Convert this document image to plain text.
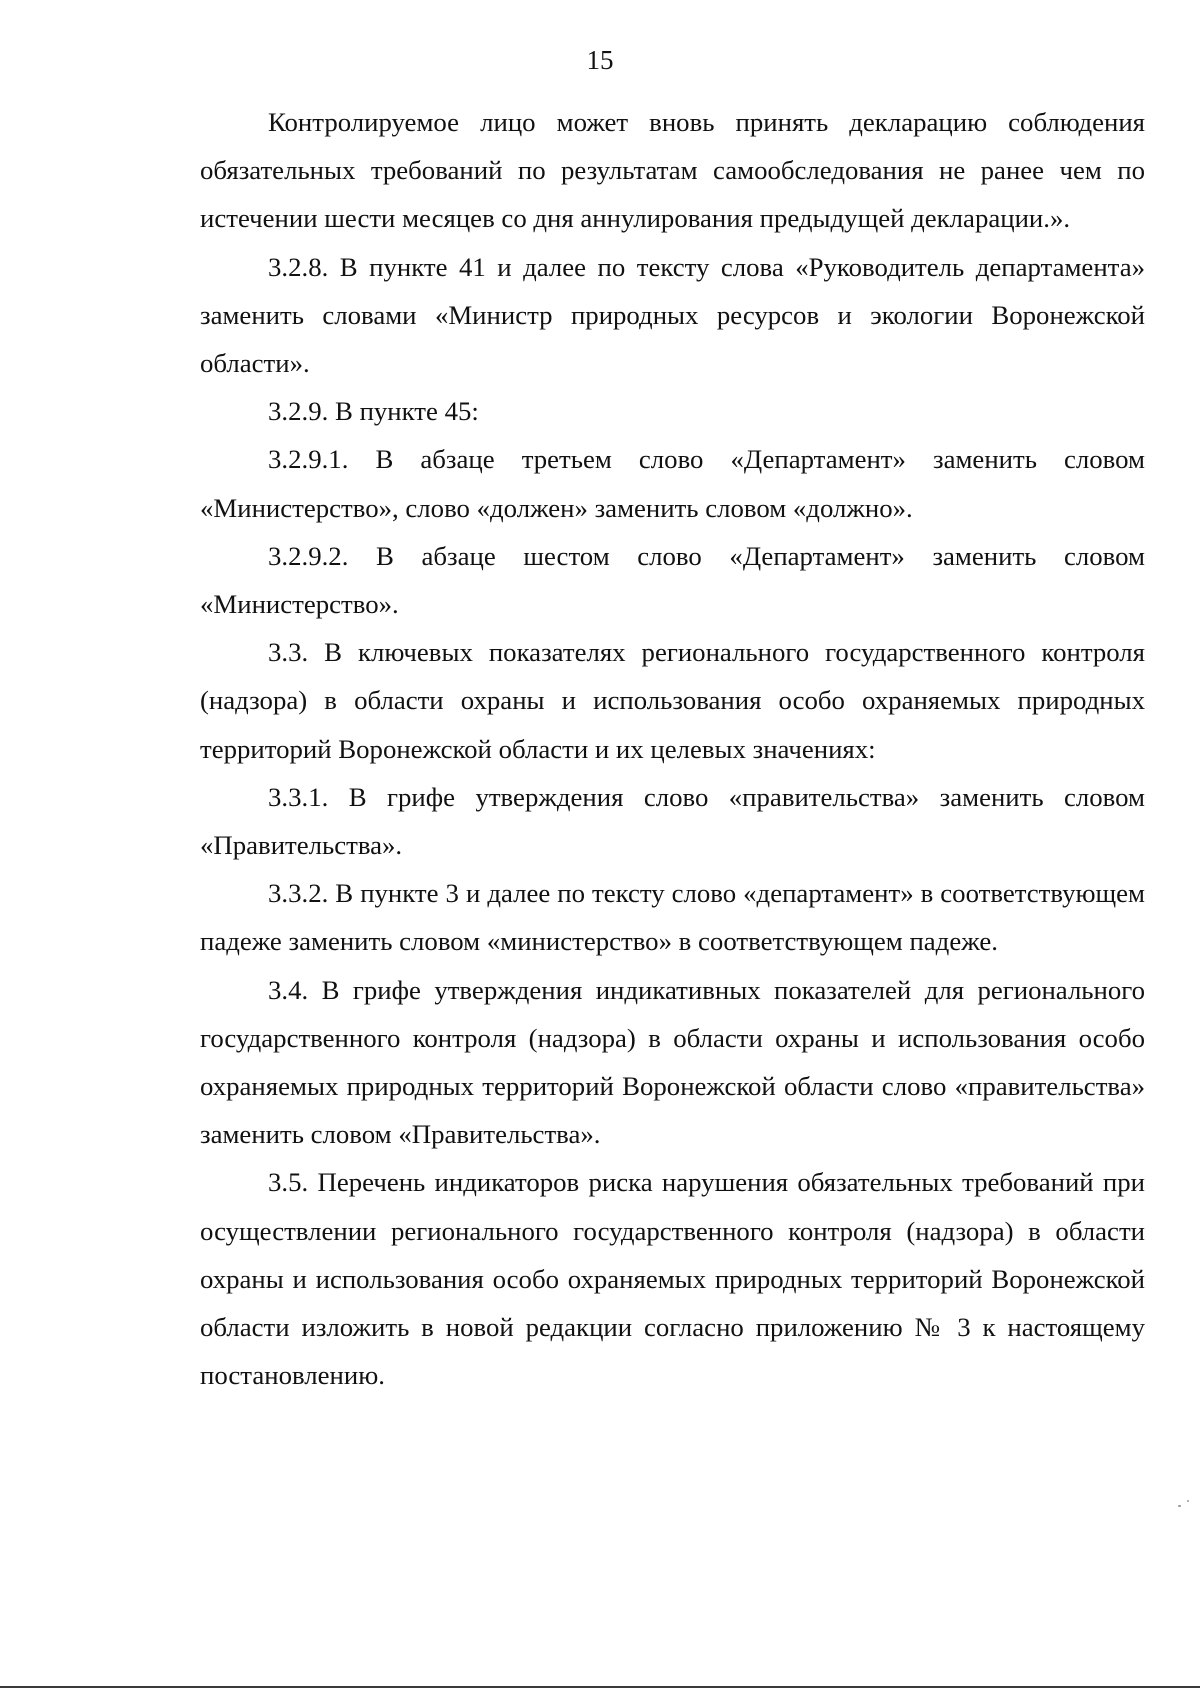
15

Контролируемое лицо может вновь принять декларацию соблюдения обязательных требований по результатам самообследования не ранее чем по истечении шести месяцев со дня аннулирования предыдущей декларации.».

3.2.8. В пункте 41 и далее по тексту слова «Руководитель департамента» заменить словами «Министр природных ресурсов и экологии Воронежской области».

3.2.9. В пункте 45:

3.2.9.1. В абзаце третьем слово «Департамент» заменить словом «Министерство», слово «должен» заменить словом «должно».

3.2.9.2. В абзаце шестом слово «Департамент» заменить словом «Министерство».

3.3. В ключевых показателях регионального государственного контроля (надзора) в области охраны и использования особо охраняемых природных территорий Воронежской области и их целевых значениях:

3.3.1. В грифе утверждения слово «правительства» заменить словом «Правительства».

3.3.2. В пункте 3 и далее по тексту слово «департамент» в соответствующем падеже заменить словом «министерство» в соответствующем падеже.

3.4. В грифе утверждения индикативных показателей для регионального государственного контроля (надзора) в области охраны и использования особо охраняемых природных территорий Воронежской области слово «правительства» заменить словом «Правительства».

3.5. Перечень индикаторов риска нарушения обязательных требований при осуществлении регионального государственного контроля (надзора) в области охраны и использования особо охраняемых природных территорий Воронежской области изложить в новой редакции согласно приложению № 3 к настоящему постановлению.
